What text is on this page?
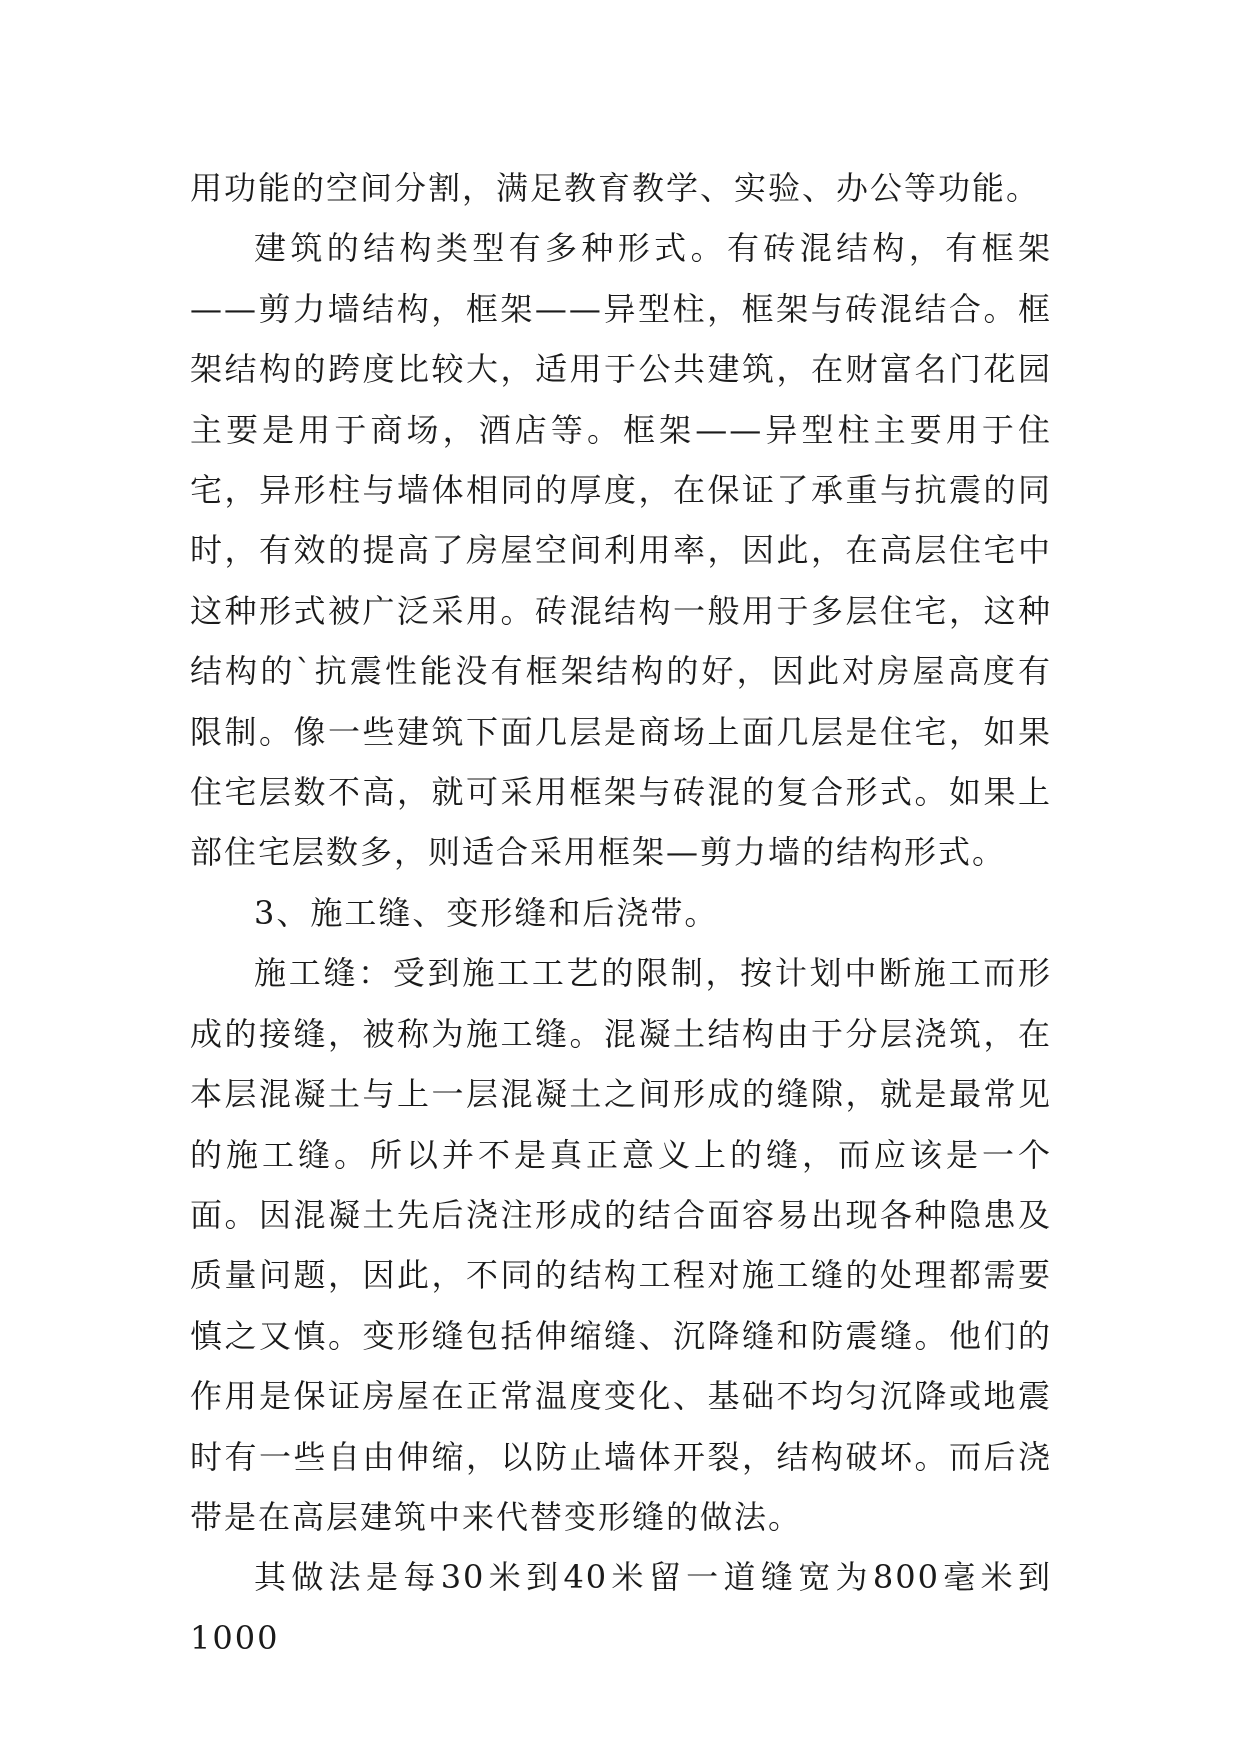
用功能的空间分割，满足教育教学、实验、办公等功能。

建筑的结构类型有多种形式。有砖混结构，有框架——剪力墙结构，框架——异型柱，框架与砖混结合。框架结构的跨度比较大，适用于公共建筑，在财富名门花园主要是用于商场，酒店等。框架——异型柱主要用于住宅，异形柱与墙体相同的厚度，在保证了承重与抗震的同时，有效的提高了房屋空间利用率，因此，在高层住宅中这种形式被广泛采用。砖混结构一般用于多层住宅，这种结构的`抗震性能没有框架结构的好，因此对房屋高度有限制。像一些建筑下面几层是商场上面几层是住宅，如果住宅层数不高，就可采用框架与砖混的复合形式。如果上部住宅层数多，则适合采用框架—剪力墙的结构形式。

3、施工缝、变形缝和后浇带。

施工缝：受到施工工艺的限制，按计划中断施工而形成的接缝，被称为施工缝。混凝土结构由于分层浇筑，在本层混凝土与上一层混凝土之间形成的缝隙，就是最常见的施工缝。所以并不是真正意义上的缝，而应该是一个面。因混凝土先后浇注形成的结合面容易出现各种隐患及质量问题，因此，不同的结构工程对施工缝的处理都需要慎之又慎。变形缝包括伸缩缝、沉降缝和防震缝。他们的作用是保证房屋在正常温度变化、基础不均匀沉降或地震时有一些自由伸缩，以防止墙体开裂，结构破坏。而后浇带是在高层建筑中来代替变形缝的做法。

其做法是每30米到40米留一道缝宽为800毫米到1000
